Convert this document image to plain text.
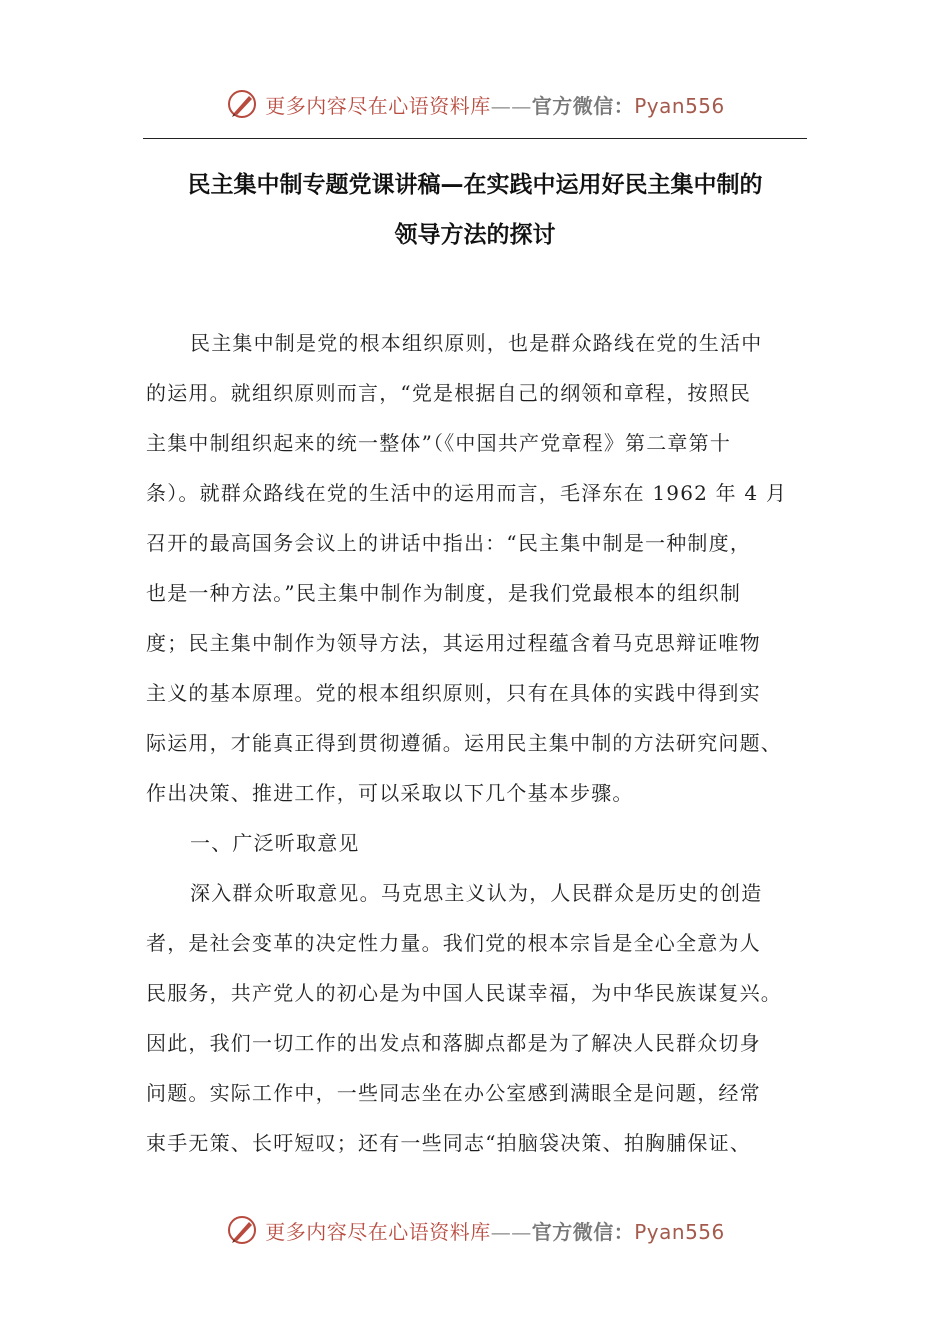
更多内容尽在心语资料库——官方微信：Pyan556
民主集中制专题党课讲稿—在实践中运用好民主集中制的
领导方法的探讨
民主集中制是党的根本组织原则，也是群众路线在党的生活中
的运用。就组织原则而言，“党是根据自己的纲领和章程，按照民
主集中制组织起来的统一整体”（《中国共产党章程》第二章第十
条）。就群众路线在党的生活中的运用而言，毛泽东在 1962 年 4 月
召开的最高国务会议上的讲话中指出：“民主集中制是一种制度，
也是一种方法。”民主集中制作为制度，是我们党最根本的组织制
度；民主集中制作为领导方法，其运用过程蕴含着马克思辩证唯物
主义的基本原理。党的根本组织原则，只有在具体的实践中得到实
际运用，才能真正得到贯彻遵循。运用民主集中制的方法研究问题、
作出决策、推进工作，可以采取以下几个基本步骤。
一、广泛听取意见
深入群众听取意见。马克思主义认为，人民群众是历史的创造
者，是社会变革的决定性力量。我们党的根本宗旨是全心全意为人
民服务，共产党人的初心是为中国人民谋幸福，为中华民族谋复兴。
因此，我们一切工作的出发点和落脚点都是为了解决人民群众切身
问题。实际工作中，一些同志坐在办公室感到满眼全是问题，经常
束手无策、长吁短叹；还有一些同志“拍脑袋决策、拍胸脯保证、
更多内容尽在心语资料库——官方微信：Pyan556
